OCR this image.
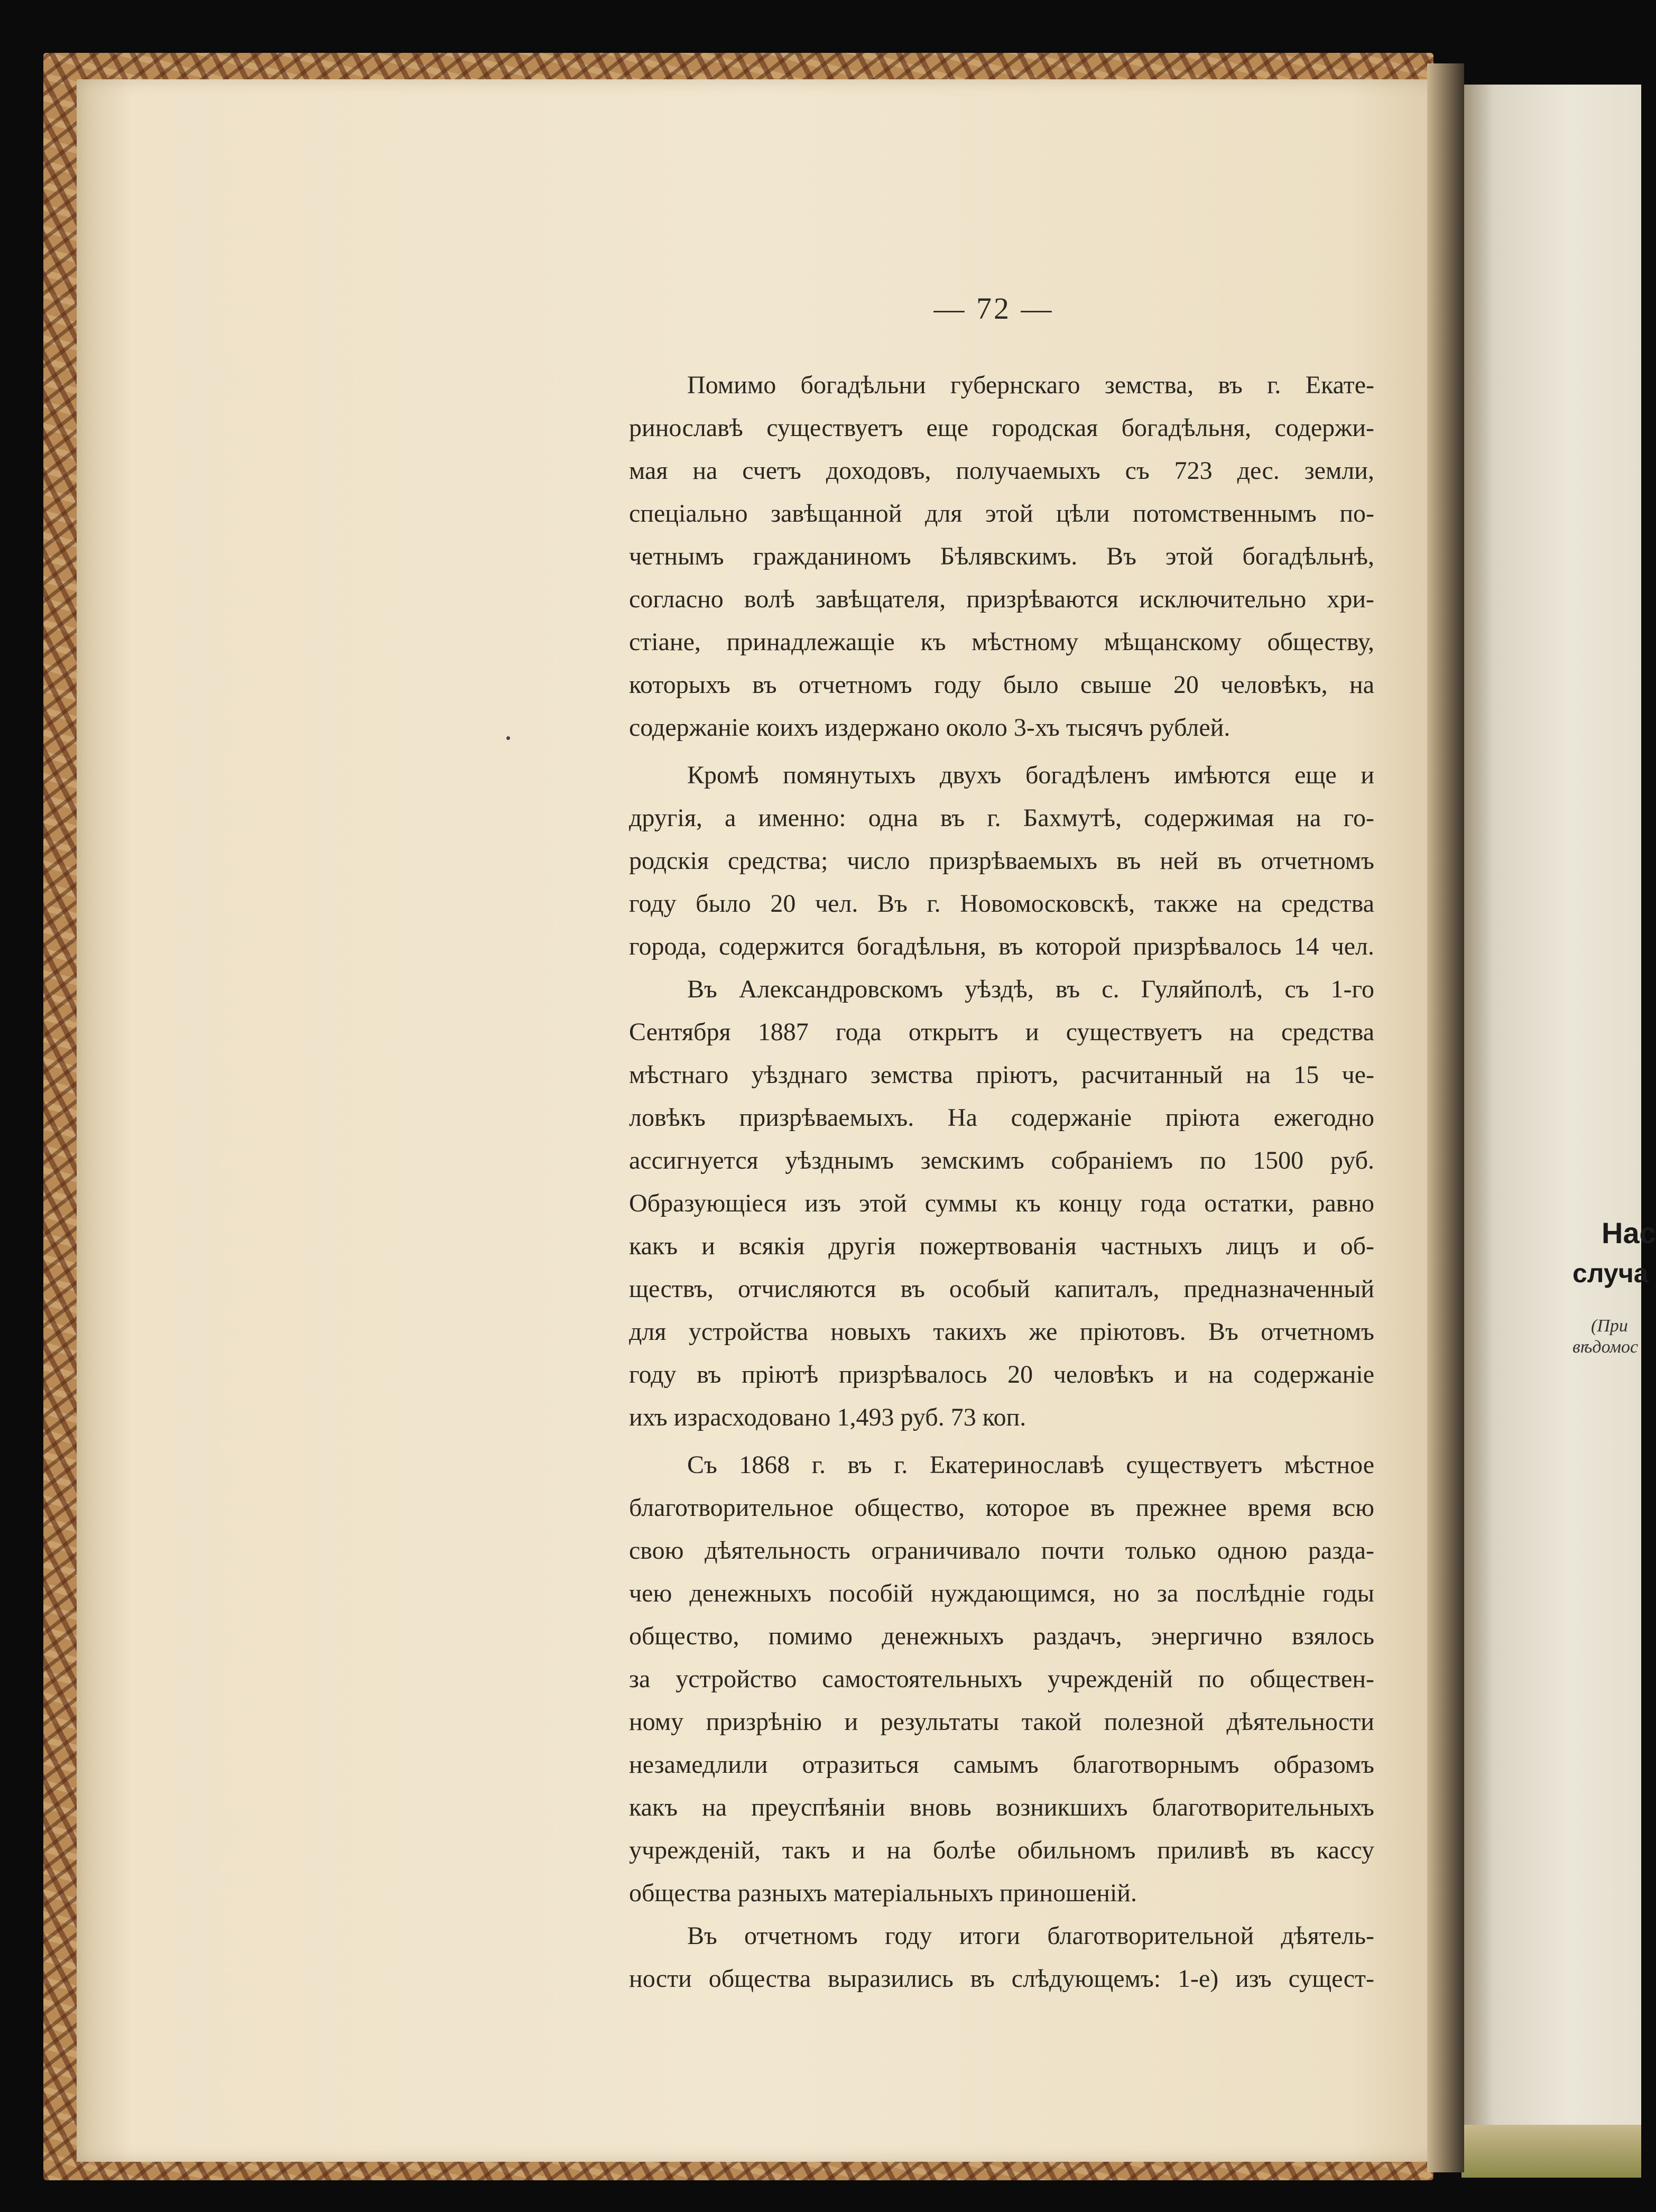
— 72 —
Помимо богадѣльни губернскаго земства, въ г. Екате-
ринославѣ существуетъ еще городская богадѣльня, содержи-
мая на счетъ доходовъ, получаемыхъ съ 723 дес. земли,
спеціально завѣщанной для этой цѣли потомственнымъ по-
четнымъ гражданиномъ Бѣлявскимъ. Въ этой богадѣльнѣ,
согласно волѣ завѣщателя, призрѣваются исключительно хри-
стіане, принадлежащіе къ мѣстному мѣщанскому обществу,
которыхъ въ отчетномъ году было свыше 20 человѣкъ, на
содержаніе коихъ издержано около 3-хъ тысячъ рублей.
Кромѣ помянутыхъ двухъ богадѣленъ имѣются еще и
другія, а именно: одна въ г. Бахмутѣ, содержимая на го-
родскія средства; число призрѣваемыхъ въ ней въ отчетномъ
году было 20 чел. Въ г. Новомосковскѣ, также на средства
города, содержится богадѣльня, въ которой призрѣвалось 14 чел.
Въ Александровскомъ уѣздѣ, въ с. Гуляйполѣ, съ 1-го
Сентября 1887 года открытъ и существуетъ на средства
мѣстнаго уѣзднаго земства пріютъ, расчитанный на 15 че-
ловѣкъ призрѣваемыхъ. На содержаніе пріюта ежегодно
ассигнуется уѣзднымъ земскимъ собраніемъ по 1500 руб.
Образующіеся изъ этой суммы къ концу года остатки, равно
какъ и всякія другія пожертвованія частныхъ лицъ и об-
ществъ, отчисляются въ особый капиталъ, предназначенный
для устройства новыхъ такихъ же пріютовъ. Въ отчетномъ
году въ пріютѣ призрѣвалось 20 человѣкъ и на содержаніе
ихъ израсходовано 1,493 руб. 73 коп.
Съ 1868 г. въ г. Екатеринославѣ существуетъ мѣстное
благотворительное общество, которое въ прежнее время всю
свою дѣятельность ограничивало почти только одною разда-
чею денежныхъ пособій нуждающимся, но за послѣдніе годы
общество, помимо денежныхъ раздачъ, энергично взялось
за устройство самостоятельныхъ учрежденій по обществен-
ному призрѣнію и результаты такой полезной дѣятельности
незамедлили отразиться самымъ благотворнымъ образомъ
какъ на преуспѣяніи вновь возникшихъ благотворительныхъ
учрежденій, такъ и на болѣе обильномъ приливѣ въ кассу
общества разныхъ матеріальныхъ приношеній.
Въ отчетномъ году итоги благотворительной дѣятель-
ности общества выразились въ слѣдующемъ: 1-е) изъ сущест-
Нас
случа
(При
вѣдомос
